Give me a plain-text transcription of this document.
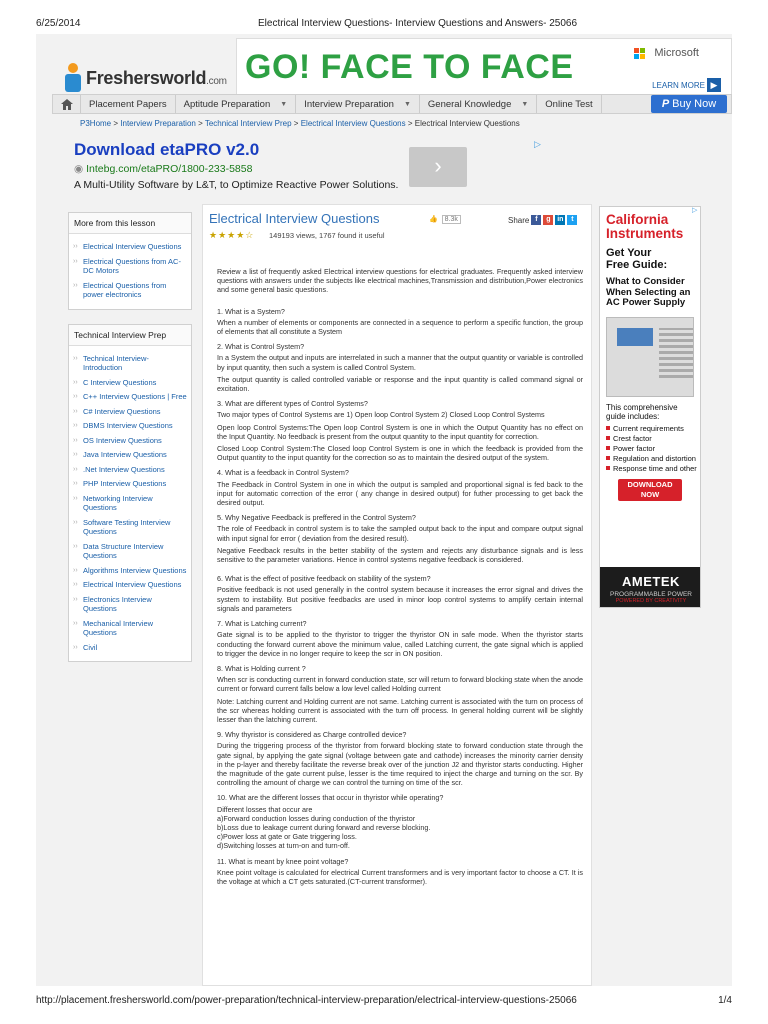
6/25/2014	Electrical Interview Questions- Interview Questions and Answers- 25066
Freshersworld.com GO! FACE TO FACE	Microsoft
LEARN MORE ▶
Placement Papers Aptitude Preparation ▼ Interview Preparation ▼ General Knowledge ▼ Online Test	P Buy Now
P3Home > Interview Preparation > Technical Interview Prep > Electrical Interview Questions > Electrical Interview Questions
Download etaPRO v2.0
◉ Intebg.com/etaPRO/1800-233-5858
A Multi-Utility Software by L&T, to Optimize Reactive Power Solutions.
›
▷
More from this lesson
›› Electrical Interview Questions
›› Electrical Questions from AC-DC Motors
›› Electrical Questions from power electronics
Technical Interview Prep
›› Technical Interview-Introduction
›› C Interview Questions
›› C++ Interview Questions | Free
›› C# Interview Questions
›› DBMS Interview Questions
›› OS Interview Questions
›› Java Interview Questions
›› .Net Interview Questions
›› PHP Interview Questions
›› Networking Interview Questions
›› Software Testing Interview Questions
›› Data Structure Interview Questions
›› Algorithms Interview Questions
›› Electrical Interview Questions
›› Electronics Interview Questions
›› Mechanical Interview Questions
›› Civil
Electrical Interview Questions
★★★★☆ 149193 views, 1767 found it useful
👍 8.3k	Share f	g in	t

Review a list of frequently asked Electrical interview questions for electrical graduates. Frequently asked interview questions with answers under the subjects like electrical machines,Transmission and distribution,Power electronics and some general basic questions.

1. What is a System?

When a number of elements or components are connected in a sequence to perform a specific function, the group of elements that all constitute a System

2. What is Control System?

In a System the output and inputs are interrelated in such a manner that the output quantity or variable is controlled by input quantity, then such a system is called Control System.

The output quantity is called controlled variable or response and the input quantity is called command signal or excitation.

3. What are different types of Control Systems?

Two major types of Control Systems are 1) Open loop Control System 2) Closed Loop Control Systems

Open loop Control Systems:The Open loop Control System is one in which the Output Quantity has no effect on the Input Quantity. No feedback is present from the output quantity to the input quantity for correction.

Closed Loop Control System:The Closed loop Control System is one in which the feedback is provided from the Output quantity to the input quantity for the correction so as to maintain the desired output of the system.

4. What is a feedback in Control System?

The Feedback in Control System in one in which the output is sampled and proportional signal is fed back to the input for automatic correction of the error ( any change in desired output) for futher processing to get back the desired output.

5. Why Negative Feedback is preffered in the Control System?

The role of Feedback in control system is to take the sampled output back to the input and compare output signal with input signal for error ( deviation from the desired result).

Negative Feedback results in the better stability of the system and rejects any disturbance signals and is less sensitive to the parameter variations. Hence in control systems negative feedback is considered.

6. What is the effect of positive feedback on stability of the system?

Positive feedback is not used generally in the control system because it increases the error signal and drives the system to instability. But positive feedbacks are used in minor loop control systems to amplify certain internal signals and parameters

7. What is Latching current?

Gate signal is to be applied to the thyristor to trigger the thyristor ON in safe mode. When the thyristor starts conducting the forward current above the minimum value, called Latching current, the gate signal which is applied to trigger the device in no longer require to keep the scr in ON position.

8. What is Holding current ?

When scr is conducting current in forward conduction state, scr will return to forward blocking state when the anode current or forward current falls below a low level called Holding current

Note: Latching current and Holding current are not same. Latching current is associated with the turn on process of the scr whereas holding current is associated with the turn off process. In general holding current will be slightly lesser than the latching current.

9. Why thyristor is considered as Charge controlled device?

During the triggering process of the thyristor from forward blocking state to forward conduction state through the gate signal, by applying the gate signal (voltage between gate and cathode) increases the minority carrier density in the p-layer and thereby facilitate the reverse break over of the junction J2 and thyristor starts conducting. Higher the magnitude of the gate current pulse, lesser is the time required to inject the charge and turning on the scr. By controlling the amount of charge we can control the turning on time of the scr.

10. What are the different losses that occur in thyristor while operating?

Different losses that occur are

a)Forward conduction losses during conduction of the thyristor

b)Loss due to leakage current during forward and reverse blocking.

c)Power loss at gate or Gate triggering loss.

d)Switching losses at turn-on and turn-off.

11. What is meant by knee point voltage?

Knee point voltage is calculated for electrical Current transformers and is very important factor to choose a CT. It is the voltage at which a CT gets saturated.(CT-current transformer).

California
Instruments
Get Your
Free Guide:
What to Consider
When Selecting an
AC Power Supply
This comprehensive
guide includes:
Current requirements
Crest factor
Power factor
Regulation and distortion
Response time and other
DOWNLOAD
NOW
AMETEK
PROGRAMMABLE POWER
POWERED BY CREATIVITY
▷
http://placement.freshersworld.com/power-preparation/technical-interview-preparation/electrical-interview-questions-25066	1/4
